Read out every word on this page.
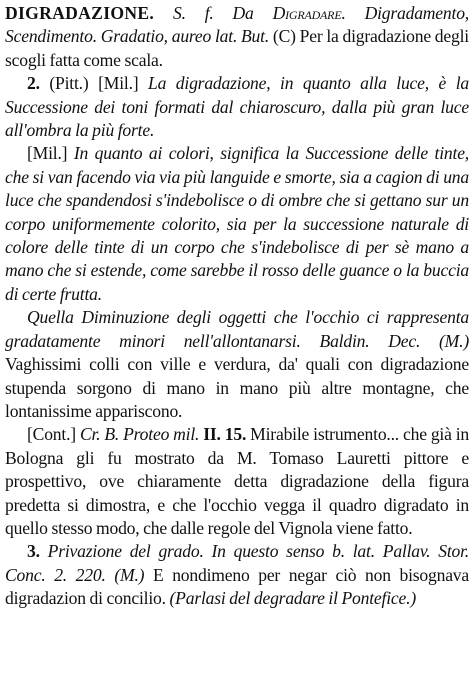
DIGRADAZIONE. S. f. Da Digradare. Digradamento, Scendimento. Gradatio, aureo lat. But. (C) Per la digradazione degli scogli fatta come scala.

2. (Pitt.) [Mil.] La digradazione, in quanto alla luce, è la Successione dei toni formati dal chiaroscuro, dalla più gran luce all'ombra la più forte.

[Mil.] In quanto ai colori, significa la Successione delle tinte, che si van facendo via via più languide e smorte, sia a cagion di una luce che spandendosi s'indebolisce o di ombre che si gettano sur un corpo uniformemente colorito, sia per la successione naturale di colore delle tinte di un corpo che s'indebolisce di per sè mano a mano che si estende, come sarebbe il rosso delle guance o la buccia di certe frutta.

Quella Diminuzione degli oggetti che l'occhio ci rappresenta gradatamente minori nell'allontanarsi. Baldin. Dec. (M.) Vaghissimi colli con ville e verdura, da' quali con digradazione stupenda sorgono di mano in mano più altre montagne, che lontanissime appariscono.

[Cont.] Cr. B. Proteo mil. II. 15. Mirabile istrumento... che già in Bologna gli fu mostrato da M. Tomaso Lauretti pittore e prospettivo, ove chiaramente detta digradazione della figura predetta si dimostra, e che l'occhio vegga il quadro digradato in quello stesso modo, che dalle regole del Vignola viene fatto.

3. Privazione del grado. In questo senso b. lat. Pallav. Stor. Conc. 2. 220. (M.) E nondimeno per negar ciò non bisognava digradazion di concilio. (Parlasi del degradare il Pontefice.)
